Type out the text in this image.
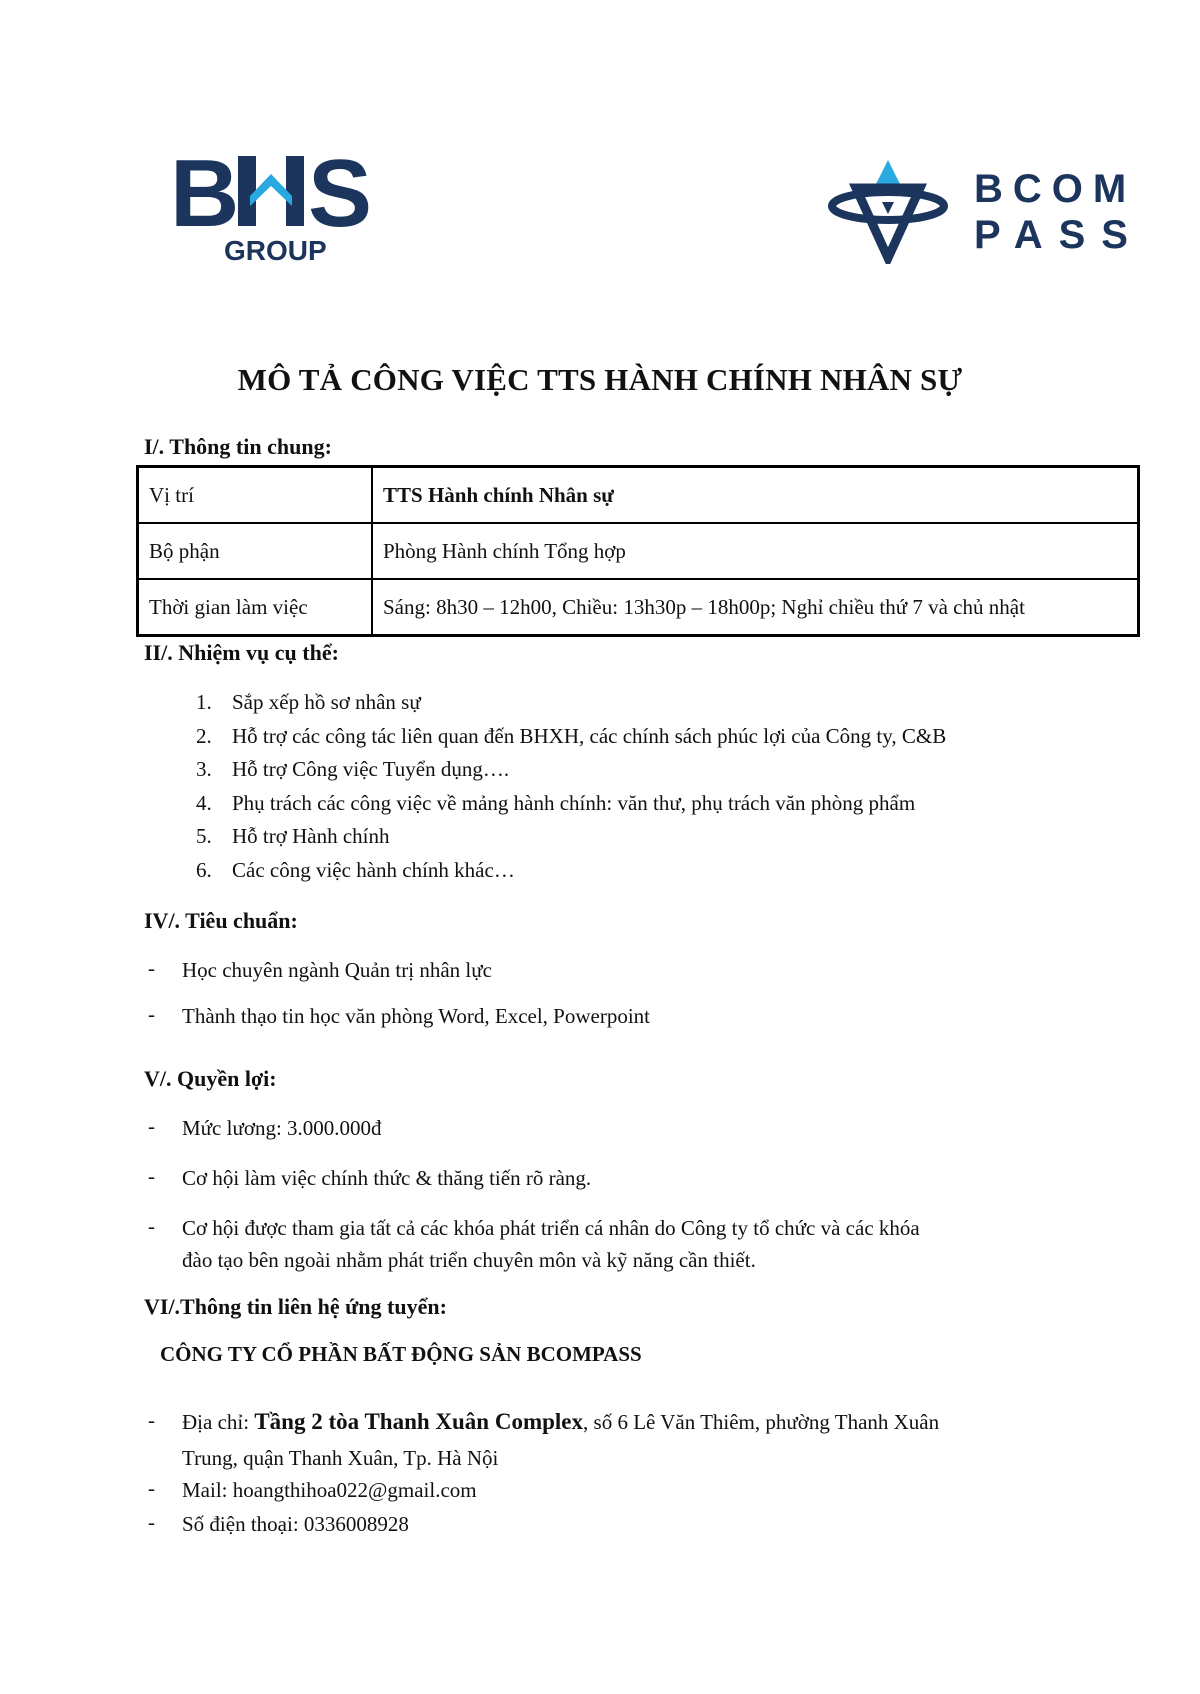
B S
GROUP
BCOM
PASS
MÔ TẢ CÔNG VIỆC TTS HÀNH CHÍNH NHÂN SỰ
I/. Thông tin chung:
Vị trí	TTS Hành chính Nhân sự
Bộ phận	Phòng Hành chính Tổng hợp
Thời gian làm việc	Sáng: 8h30 – 12h00, Chiều: 13h30p – 18h00p; Nghỉ chiều thứ 7 và chủ nhật
II/. Nhiệm vụ cụ thể:
1. Sắp xếp hồ sơ nhân sự
2. Hỗ trợ các công tác liên quan đến BHXH, các chính sách phúc lợi của Công ty, C&B
3. Hỗ trợ Công việc Tuyển dụng….
4. Phụ trách các công việc về mảng hành chính: văn thư, phụ trách văn phòng phẩm
5. Hỗ trợ Hành chính
6. Các công việc hành chính khác…
IV/. Tiêu chuẩn:
- Học chuyên ngành Quản trị nhân lực
- Thành thạo tin học văn phòng Word, Excel, Powerpoint
V/. Quyền lợi:
- Mức lương: 3.000.000đ
- Cơ hội làm việc chính thức & thăng tiến rõ ràng.
- Cơ hội được tham gia tất cả các khóa phát triển cá nhân do Công ty tổ chức và các khóa
đào tạo bên ngoài nhằm phát triển chuyên môn và kỹ năng cần thiết.
VI/.Thông tin liên hệ ứng tuyển:
CÔNG TY CỔ PHẦN BẤT ĐỘNG SẢN BCOMPASS
- Địa chỉ: Tầng 2 tòa Thanh Xuân Complex, số 6 Lê Văn Thiêm, phường Thanh Xuân
Trung, quận Thanh Xuân, Tp. Hà Nội
- Mail: hoangthihoa022@gmail.com
- Số điện thoại: 0336008928
